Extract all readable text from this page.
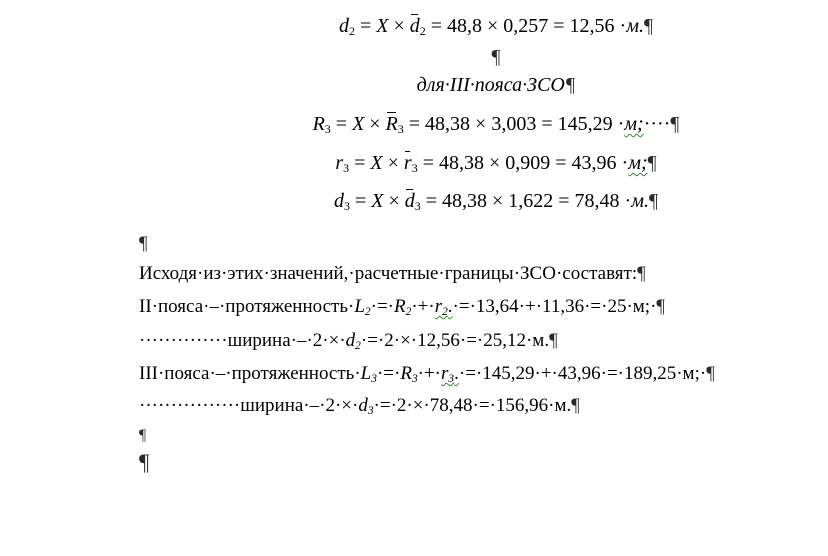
$d_2 = X \times d_2 = 48,8 \times 0,257 = 12,56$ ·м.¶
¶
для·III·пояса·ЗСО¶
$R_3 = X \times R_3 = 48,38 \times 3,003 = 145,29$ ·м;····¶
$r_3 = X \times r_3 = 48,38 \times 0,909 = 43,96$ ·м;¶
$d_3 = X \times d_3 = 48,38 \times 1,622 = 78,48$ ·м.¶
¶
Исходя·из·этих·значений,·расчетные·границы·ЗСО·составят:¶
II·пояса·–·протяженность·L2·=·R2·+·r2.·=·13,64·+·11,36·=·25·м;·¶
··············ширина·–·2·×·d2·=·2·×·12,56·=·25,12·м.¶
III·пояса·–·протяженность·L3·=·R3·+·r3.·=·145,29·+·43,96·=·189,25·м;·¶
················ширина·–·2·×·d3·=·2·×·78,48·=·156,96·м.¶
¶
¶
